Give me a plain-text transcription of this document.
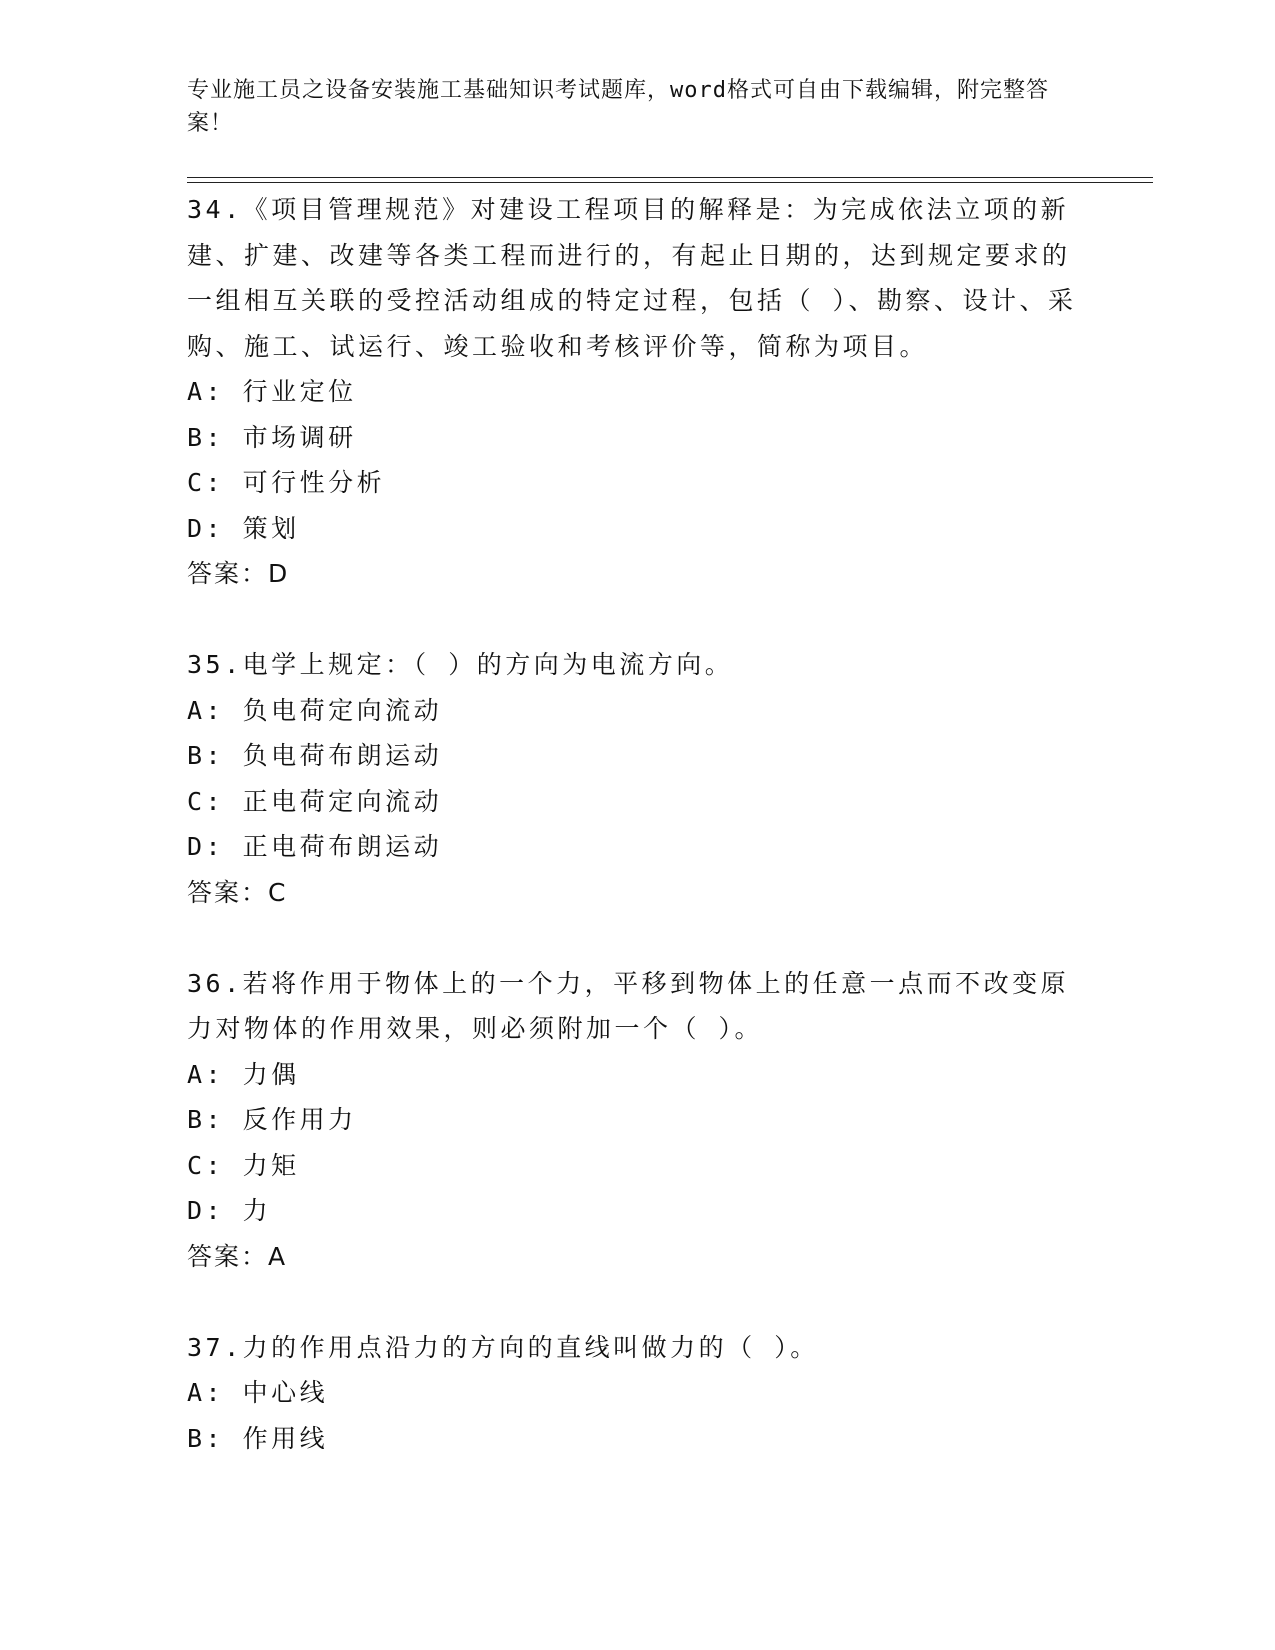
专业施工员之设备安装施工基础知识考试题库，word格式可自由下载编辑，附完整答案！

34.《项目管理规范》对建设工程项目的解释是：为完成依法立项的新建、扩建、改建等各类工程而进行的，有起止日期的，达到规定要求的一组相互关联的受控活动组成的特定过程，包括（ ）、勘察、设计、采购、施工、试运行、竣工验收和考核评价等，简称为项目。

A: 行业定位

B: 市场调研

C: 可行性分析

D: 策划

答案：D

35.电学上规定：（ ）的方向为电流方向。

A: 负电荷定向流动

B: 负电荷布朗运动

C: 正电荷定向流动

D: 正电荷布朗运动

答案：C

36.若将作用于物体上的一个力，平移到物体上的任意一点而不改变原力对物体的作用效果，则必须附加一个（ ）。

A: 力偶

B: 反作用力

C: 力矩

D: 力

答案：A

37.力的作用点沿力的方向的直线叫做力的（ ）。

A: 中心线

B: 作用线
